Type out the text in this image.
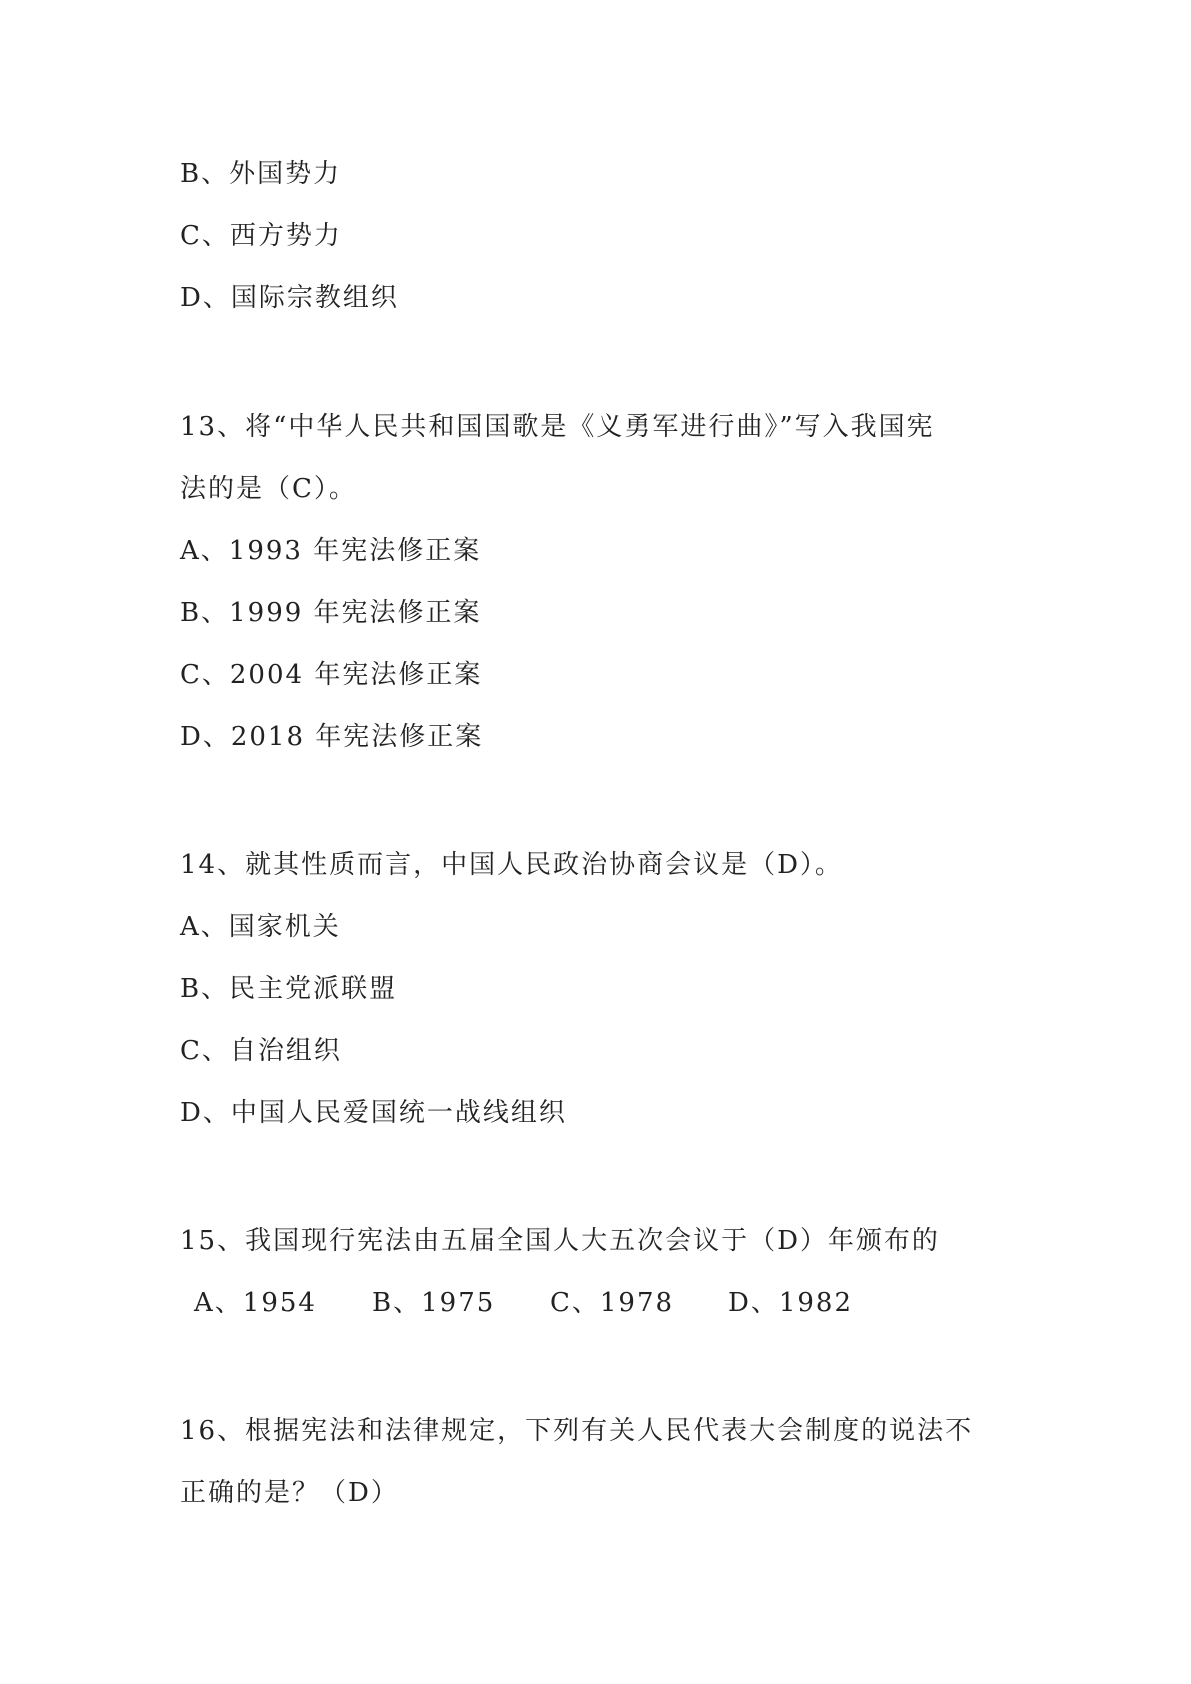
B、外国势力
C、西方势力
D、国际宗教组织
13、将“中华人民共和国国歌是《义勇军进行曲》”写入我国宪
法的是（C）。
A、1993 年宪法修正案
B、1999 年宪法修正案
C、2004 年宪法修正案
D、2018 年宪法修正案
14、就其性质而言，中国人民政治协商会议是（D）。
A、国家机关
B、民主党派联盟
C、自治组织
D、中国人民爱国统一战线组织
15、我国现行宪法由五届全国人大五次会议于（D）年颁布的
A、1954 B、1975 C、1978 D、1982
16、根据宪法和法律规定，下列有关人民代表大会制度的说法不
正确的是？（D）
